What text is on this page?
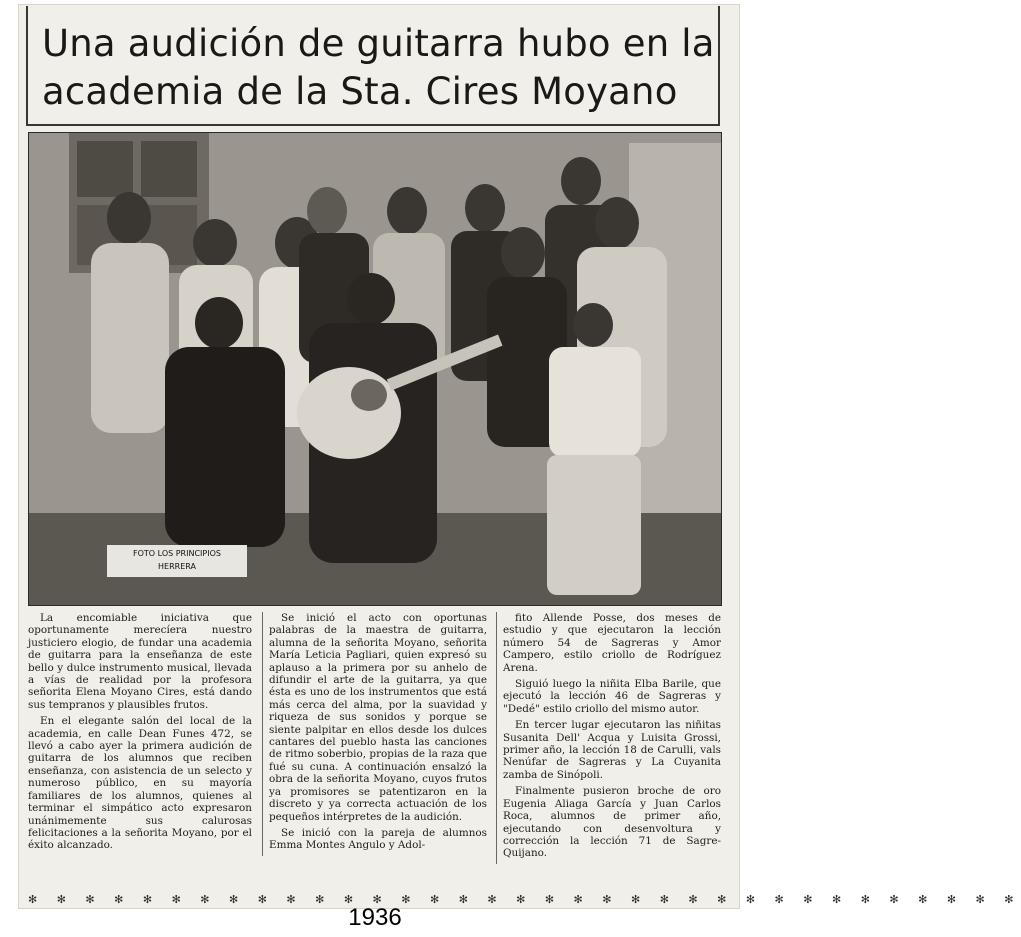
Una audición de guitarra hubo en la
academia de la Sta. Cires Moyano
FOTO LOS PRINCIPIOS
HERRERA

La encomiable iniciativa que oportunamente merecíera nuestro justiciero elogio, de fundar una academia de guitarra para la enseñanza de este bello y dulce instrumento musical, llevada a vías de realidad por la profesora señorita Elena Moyano Cires, está dando sus tempranos y plausibles frutos.

En el elegante salón del local de la academia, en calle Dean Funes 472, se llevó a cabo ayer la primera audición de guitarra de los alumnos que reciben enseñanza, con asistencia de un selecto y numeroso público, en su mayoría familiares de los alumnos, quienes al terminar el simpático acto expresaron unánimemente sus calurosas felicitaciones a la señorita Moyano, por el éxito alcanzado.

Se inició el acto con oportunas palabras de la maestra de guitarra, alumna de la señorita Moyano, señorita María Leticia Pagliari, quien expresó su aplauso a la primera por su anhelo de difundir el arte de la guitarra, ya que ésta es uno de los instrumentos que está más cerca del alma, por la suavidad y riqueza de sus sonidos y porque se siente palpitar en ellos desde los dulces cantares del pueblo hasta las canciones de ritmo soberbio, propias de la raza que fué su cuna. A continuación ensalzó la obra de la señorita Moyano, cuyos frutos ya promisores se patentizaron en la discreto y ya correcta actuación de los pequeños intérpretes de la audición.

Se inició con la pareja de alumnos Emma Montes Angulo y Adol-

fito Allende Posse, dos meses de estudio y que ejecutaron la lección número 54 de Sagreras y Amor Campero, estilo criollo de Rodríguez Arena.

Siguió luego la niñita Elba Barile, que ejecutó la lección 46 de Sagreras y "Dedé" estilo criollo del mismo autor.

En tercer lugar ejecutaron las niñitas Susanita Dell' Acqua y Luisita Grossi, primer año, la lección 18 de Carulli, vals Nenúfar de Sagreras y La Cuyanita zamba de Sinópoli.

Finalmente pusieron broche de oro Eugenia Aliaga García y Juan Carlos Roca, alumnos de primer año, ejecutando con desenvoltura y corrección la lección 71 de Sagre-Quijano.

✻ ✻ ✻ ✻ ✻ ✻ ✻ ✻ ✻ ✻ ✻ ✻ ✻ ✻ ✻ ✻ ✻ ✻ ✻ ✻ ✻ ✻ ✻ ✻ ✻ ✻ ✻ ✻ ✻ ✻ ✻ ✻ ✻ ✻ ✻
1936
